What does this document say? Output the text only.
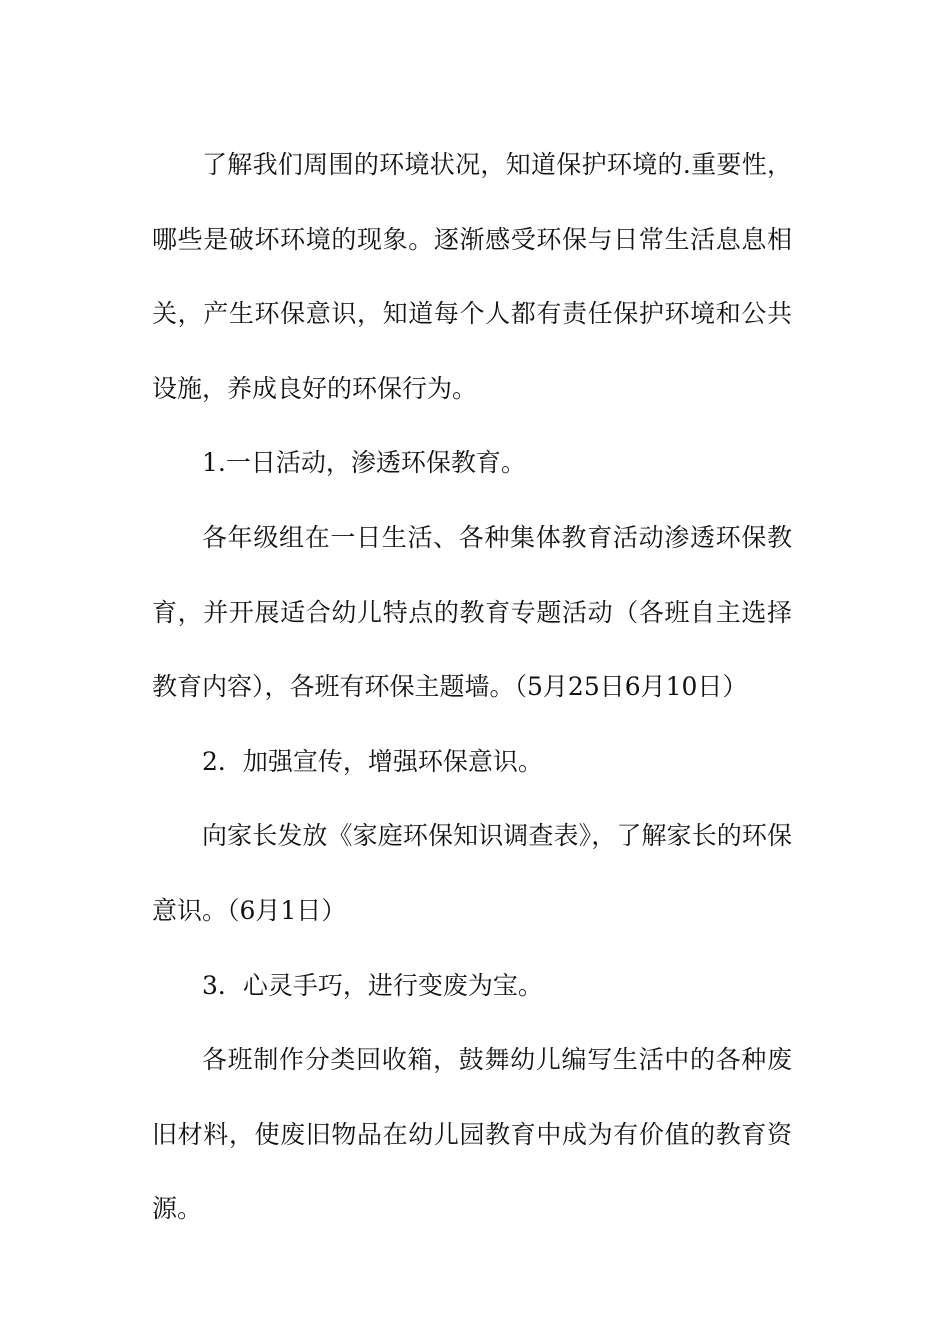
了解我们周围的环境状况，知道保护环境的.重要性，哪些是破坏环境的现象。逐渐感受环保与日常生活息息相关，产生环保意识，知道每个人都有责任保护环境和公共设施，养成良好的环保行为。

1.一日活动，渗透环保教育。

各年级组在一日生活、各种集体教育活动渗透环保教育，并开展适合幼儿特点的教育专题活动（各班自主选择教育内容），各班有环保主题墙。（5月25日6月10日）

2．加强宣传，增强环保意识。

向家长发放《家庭环保知识调查表》，了解家长的环保意识。（6月1日）

3．心灵手巧，进行变废为宝。

各班制作分类回收箱，鼓舞幼儿编写生活中的各种废旧材料，使废旧物品在幼儿园教育中成为有价值的教育资源。
